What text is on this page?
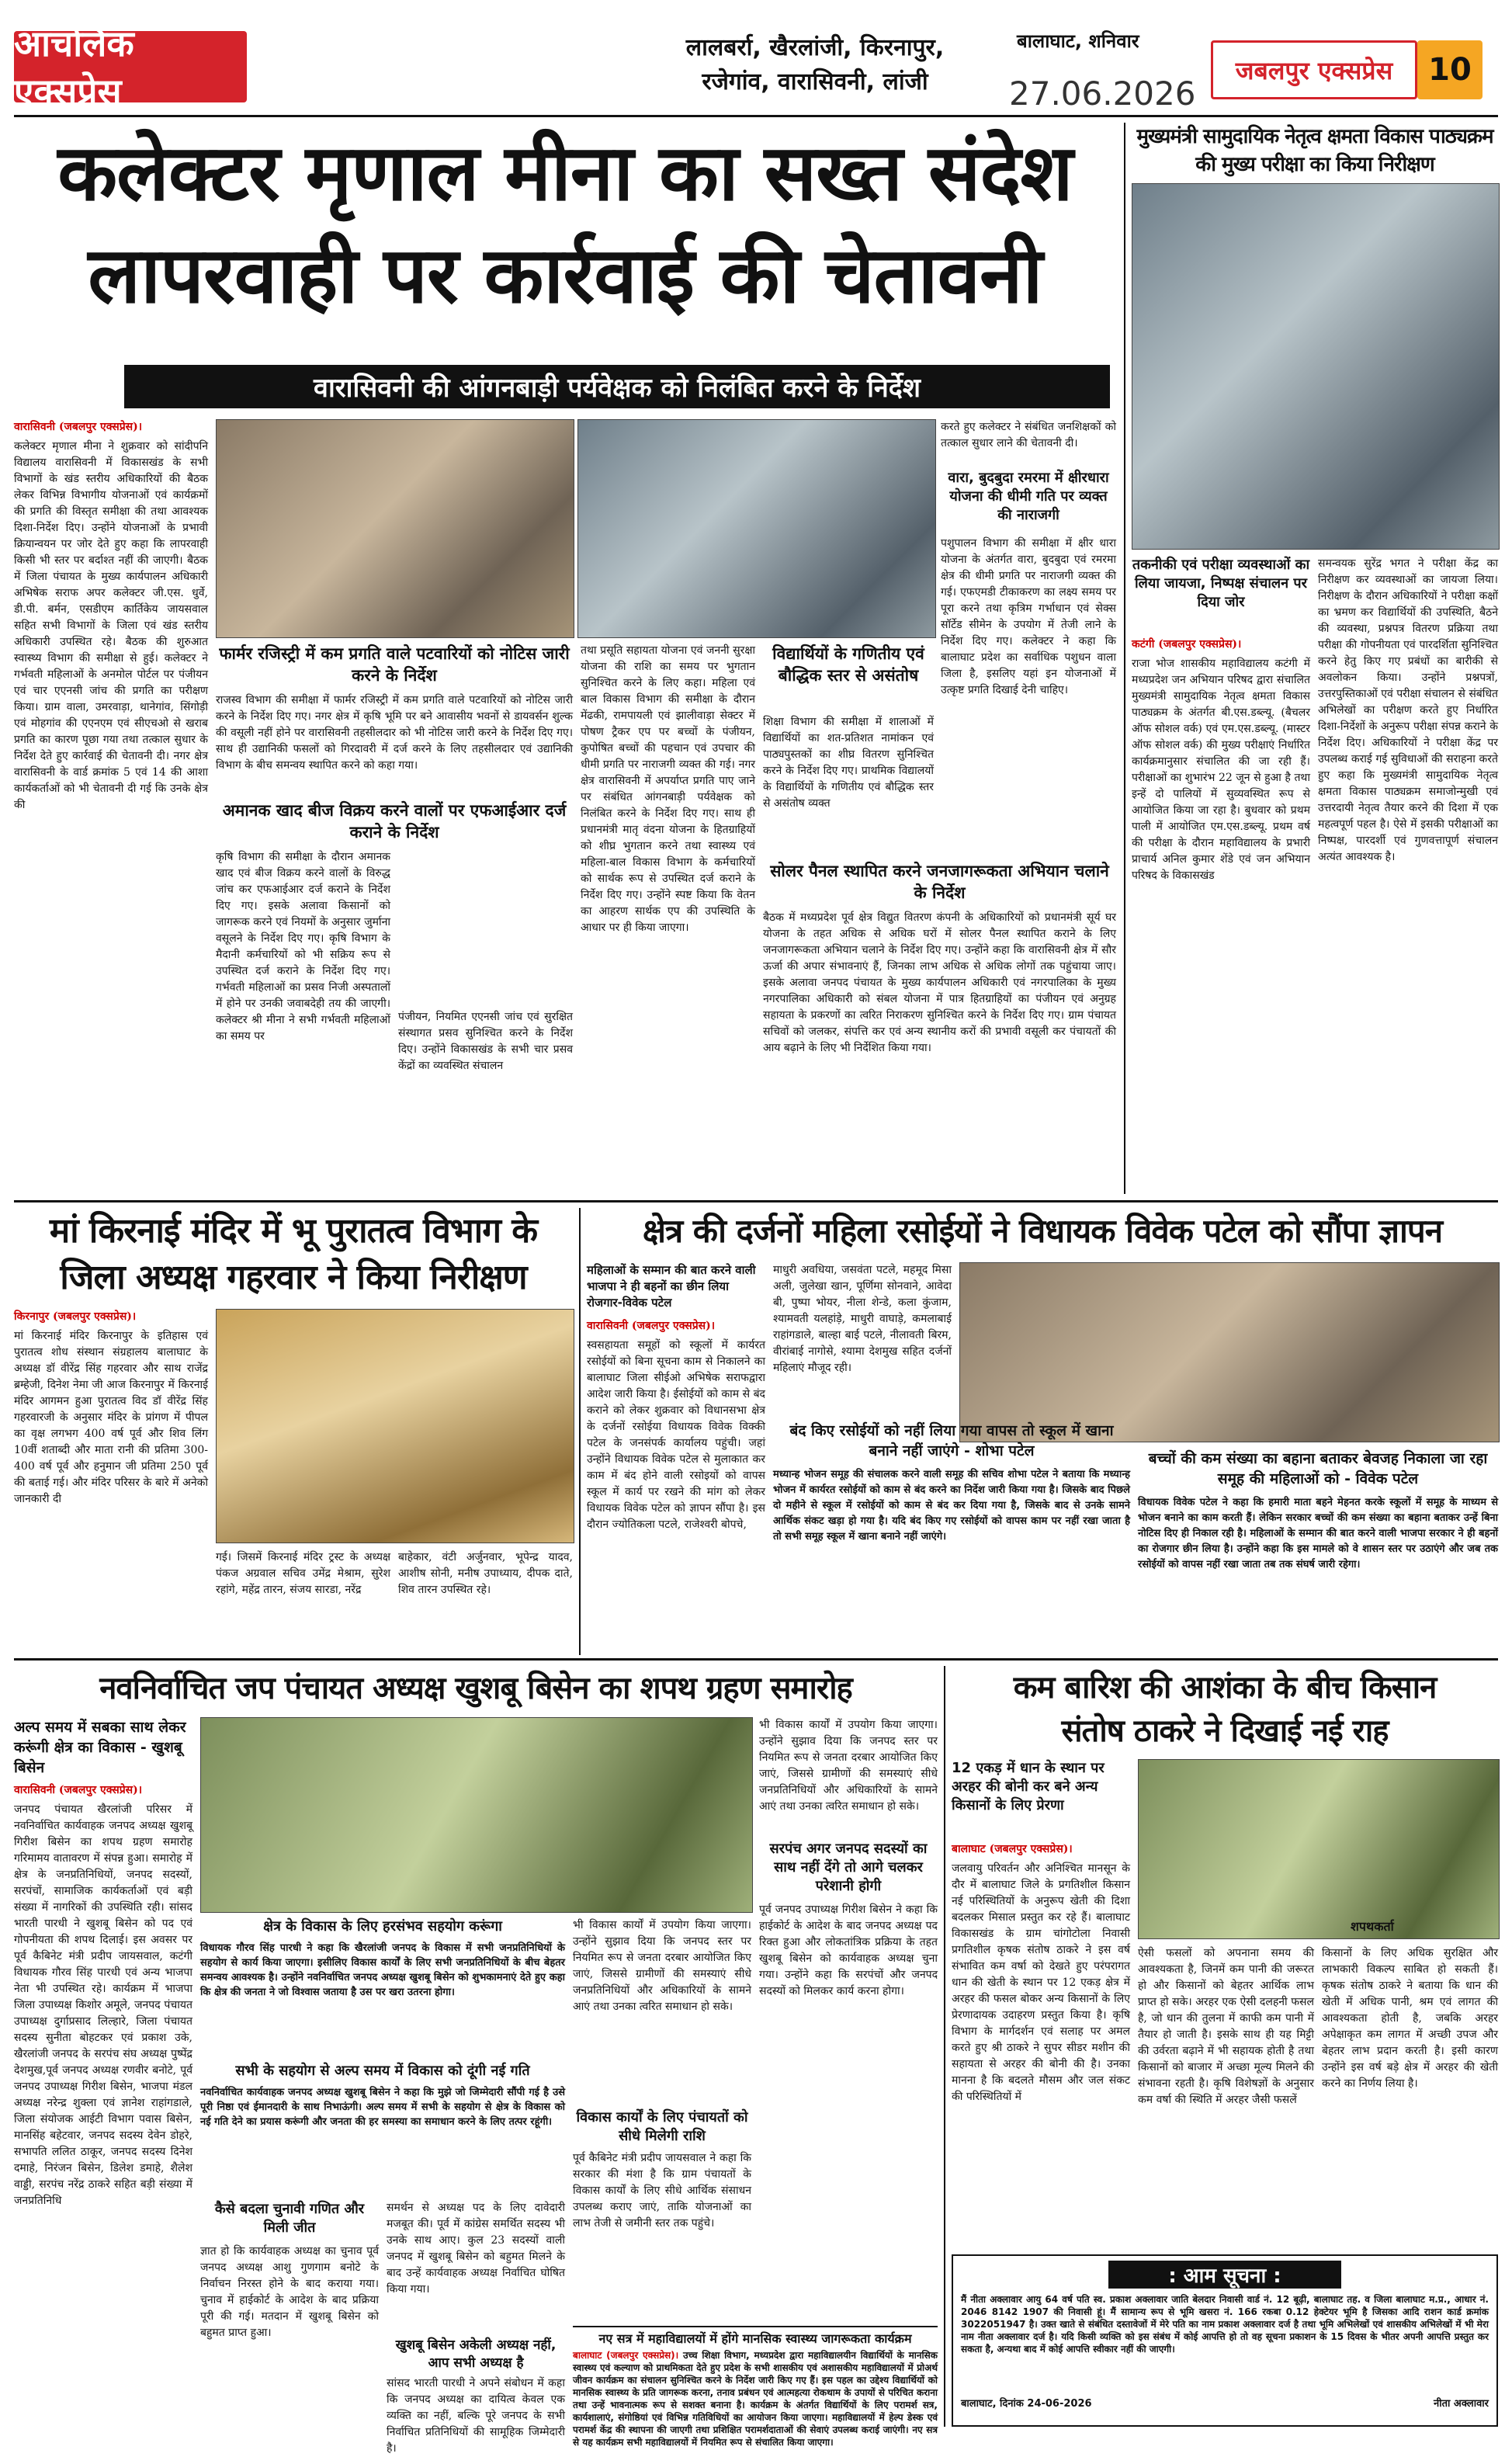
आंचलिक एक्सप्रेस
लालबर्रा, खैरलांजी, किरनापुर,
रजेगांव, वारासिवनी, लांजी
बालाघाट, शनिवार
27.06.2026
जबलपुर एक्सप्रेस	10
कलेक्टर मृणाल मीना का सख्त संदेश
लापरवाही पर कार्रवाई की चेतावनी
वारासिवनी की आंगनबाड़ी पर्यवेक्षक को निलंबित करने के निर्देश
वारासिवनी (जबलपुर एक्सप्रेस)।
कलेक्टर मृणाल मीना ने शुक्रवार को सांदीपनि विद्यालय वारासिवनी में विकासखंड के सभी विभागों के खंड स्तरीय अधिकारियों की बैठक लेकर विभिन्न विभागीय योजनाओं एवं कार्यक्रमों की प्रगति की विस्तृत समीक्षा की तथा आवश्यक दिशा-निर्देश दिए। उन्होंने योजनाओं के प्रभावी क्रियान्वयन पर जोर देते हुए कहा कि लापरवाही किसी भी स्तर पर बर्दाश्त नहीं की जाएगी। बैठक में जिला पंचायत के मुख्य कार्यपालन अधिकारी अभिषेक सराफ अपर कलेक्टर जी.एस. धुर्वे, डी.पी. बर्मन, एसडीएम कार्तिकेय जायसवाल सहित सभी विभागों के जिला एवं खंड स्तरीय अधिकारी उपस्थित रहे। बैठक की शुरुआत स्वास्थ्य विभाग की समीक्षा से हुई। कलेक्टर ने गर्भवती महिलाओं के अनमोल पोर्टल पर पंजीयन एवं चार एएनसी जांच की प्रगति का परीक्षण किया। ग्राम वाला, उमरवाड़ा, थानेगांव, सिंगोड़ी एवं मोहगांव की एएनएम एवं सीएचओ से खराब प्रगति का कारण पूछा गया तथा तत्काल सुधार के निर्देश देते हुए कार्रवाई की चेतावनी दी। नगर क्षेत्र वारासिवनी के वार्ड क्रमांक 5 एवं 14 की आशा कार्यकर्ताओं को भी चेतावनी दी गई कि उनके क्षेत्र की
फार्मर रजिस्ट्री में कम प्रगति वाले पटवारियों को नोटिस जारी करने के निर्देश
राजस्व विभाग की समीक्षा में फार्मर रजिस्ट्री में कम प्रगति वाले पटवारियों को नोटिस जारी करने के निर्देश दिए गए। नगर क्षेत्र में कृषि भूमि पर बने आवासीय भवनों से डायवर्सन शुल्क की वसूली नहीं होने पर वारासिवनी तहसीलदार को भी नोटिस जारी करने के निर्देश दिए गए। साथ ही उद्यानिकी फसलों को गिरदावरी में दर्ज करने के लिए तहसीलदार एवं उद्यानिकी विभाग के बीच समन्वय स्थापित करने को कहा गया।
अमानक खाद बीज विक्रय करने वालों पर एफआईआर दर्ज कराने के निर्देश
कृषि विभाग की समीक्षा के दौरान अमानक खाद एवं बीज विक्रय करने वालों के विरुद्ध जांच कर एफआईआर दर्ज कराने के निर्देश दिए गए। इसके अलावा किसानों को जागरूक करने एवं नियमों के अनुसार जुर्माना वसूलने के निर्देश दिए गए। कृषि विभाग के मैदानी कर्मचारियों को भी सक्रिय रूप से उपस्थित दर्ज कराने के निर्देश दिए गए। गर्भवती महिलाओं का प्रसव निजी अस्पतालों में होने पर उनकी जवाबदेही तय की जाएगी। कलेक्टर श्री मीना ने सभी गर्भवती महिलाओं का समय पर
पंजीयन, नियमित एएनसी जांच एवं सुरक्षित संस्थागत प्रसव सुनिश्चित करने के निर्देश दिए। उन्होंने विकासखंड के सभी चार प्रसव केंद्रों का व्यवस्थित संचालन
तथा प्रसूति सहायता योजना एवं जननी सुरक्षा योजना की राशि का समय पर भुगतान सुनिश्चित करने के लिए कहा। महिला एवं बाल विकास विभाग की समीक्षा के दौरान मेंढकी, रामपायली एवं झालीवाड़ा सेक्टर में पोषण ट्रैकर एप पर बच्चों के पंजीयन, कुपोषित बच्चों की पहचान एवं उपचार की धीमी प्रगति पर नाराजगी व्यक्त की गई। नगर क्षेत्र वारासिवनी में अपर्याप्त प्रगति पाए जाने पर संबंधित आंगनबाड़ी पर्यवेक्षक को निलंबित करने के निर्देश दिए गए। साथ ही प्रधानमंत्री मातृ वंदना योजना के हितग्राहियों को शीघ्र भुगतान करने तथा स्वास्थ्य एवं महिला-बाल विकास विभाग के कर्मचारियों को सार्थक रूप से उपस्थित दर्ज कराने के निर्देश दिए गए। उन्होंने स्पष्ट किया कि वेतन का आहरण सार्थक एप की उपस्थिति के आधार पर ही किया जाएगा।
विद्यार्थियों के गणितीय एवं बौद्धिक स्तर से असंतोष
शिक्षा विभाग की समीक्षा में शालाओं में विद्यार्थियों का शत-प्रतिशत नामांकन एवं पाठ्यपुस्तकों का शीघ्र वितरण सुनिश्चित करने के निर्देश दिए गए। प्राथमिक विद्यालयों के विद्यार्थियों के गणितीय एवं बौद्धिक स्तर से असंतोष व्यक्त
करते हुए कलेक्टर ने संबंधित जनशिक्षकों को तत्काल सुधार लाने की चेतावनी दी।
वारा, बुदबुदा रमरमा में क्षीरधारा योजना की धीमी गति पर व्यक्त की नाराजगी
पशुपालन विभाग की समीक्षा में क्षीर धारा योजना के अंतर्गत वारा, बुदबुदा एवं रमरमा क्षेत्र की धीमी प्रगति पर नाराजगी व्यक्त की गई। एफएमडी टीकाकरण का लक्ष्य समय पर पूरा करने तथा कृत्रिम गर्भाधान एवं सेक्स सॉर्टेड सीमेन के उपयोग में तेजी लाने के निर्देश दिए गए। कलेक्टर ने कहा कि बालाघाट प्रदेश का सर्वाधिक पशुधन वाला जिला है, इसलिए यहां इन योजनाओं में उत्कृष्ट प्रगति दिखाई देनी चाहिए।
सोलर पैनल स्थापित करने जनजागरूकता अभियान चलाने के निर्देश
बैठक में मध्यप्रदेश पूर्व क्षेत्र विद्युत वितरण कंपनी के अधिकारियों को प्रधानमंत्री सूर्य घर योजना के तहत अधिक से अधिक घरों में सोलर पैनल स्थापित कराने के लिए जनजागरूकता अभियान चलाने के निर्देश दिए गए। उन्होंने कहा कि वारासिवनी क्षेत्र में सौर ऊर्जा की अपार संभावनाएं हैं, जिनका लाभ अधिक से अधिक लोगों तक पहुंचाया जाए। इसके अलावा जनपद पंचायत के मुख्य कार्यपालन अधिकारी एवं नगरपालिका के मुख्य नगरपालिका अधिकारी को संबल योजना में पात्र हितग्राहियों का पंजीयन एवं अनुग्रह सहायता के प्रकरणों का त्वरित निराकरण सुनिश्चित करने के निर्देश दिए गए। ग्राम पंचायत सचिवों को जलकर, संपत्ति कर एवं अन्य स्थानीय करों की प्रभावी वसूली कर पंचायतों की आय बढ़ाने के लिए भी निर्देशित किया गया।
मुख्यमंत्री सामुदायिक नेतृत्व क्षमता विकास पाठ्यक्रम की मुख्य परीक्षा का किया निरीक्षण
तकनीकी एवं परीक्षा व्यवस्थाओं का लिया जायजा, निष्पक्ष संचालन पर दिया जोर
कटंगी (जबलपुर एक्सप्रेस)।
राजा भोज शासकीय महाविद्यालय कटंगी में मध्यप्रदेश जन अभियान परिषद द्वारा संचालित मुख्यमंत्री सामुदायिक नेतृत्व क्षमता विकास पाठ्यक्रम के अंतर्गत बी.एस.डब्ल्यू. (बैचलर ऑफ सोशल वर्क) एवं एम.एस.डब्ल्यू. (मास्टर ऑफ सोशल वर्क) की मुख्य परीक्षाएं निर्धारित कार्यक्रमानुसार संचालित की जा रही हैं। परीक्षाओं का शुभारंभ 22 जून से हुआ है तथा इन्हें दो पालियों में सुव्यवस्थित रूप से आयोजित किया जा रहा है। बुधवार को प्रथम पाली में आयोजित एम.एस.डब्ल्यू. प्रथम वर्ष की परीक्षा के दौरान महाविद्यालय के प्रभारी प्राचार्य अनिल कुमार शेंडे एवं जन अभियान परिषद के विकासखंड
समन्वयक सुरेंद्र भगत ने परीक्षा केंद्र का निरीक्षण कर व्यवस्थाओं का जायजा लिया। निरीक्षण के दौरान अधिकारियों ने परीक्षा कक्षों का भ्रमण कर विद्यार्थियों की उपस्थिति, बैठने की व्यवस्था, प्रश्नपत्र वितरण प्रक्रिया तथा परीक्षा की गोपनीयता एवं पारदर्शिता सुनिश्चित करने हेतु किए गए प्रबंधों का बारीकी से अवलोकन किया। उन्होंने प्रश्नपत्रों, उत्तरपुस्तिकाओं एवं परीक्षा संचालन से संबंधित अभिलेखों का परीक्षण करते हुए निर्धारित दिशा-निर्देशों के अनुरूप परीक्षा संपन्न कराने के निर्देश दिए। अधिकारियों ने परीक्षा केंद्र पर उपलब्ध कराई गई सुविधाओं की सराहना करते हुए कहा कि मुख्यमंत्री सामुदायिक नेतृत्व क्षमता विकास पाठ्यक्रम समाजोन्मुखी एवं उत्तरदायी नेतृत्व तैयार करने की दिशा में एक महत्वपूर्ण पहल है। ऐसे में इसकी परीक्षाओं का निष्पक्ष, पारदर्शी एवं गुणवत्तापूर्ण संचालन अत्यंत आवश्यक है।
मां किरनाई मंदिर में भू पुरातत्व विभाग के
जिला अध्यक्ष गहरवार ने किया निरीक्षण
किरनापुर (जबलपुर एक्सप्रेस)।
मां किरनाई मंदिर किरनापुर के इतिहास एवं पुरातत्व शोध संस्थान संग्रहालय बालाघाट के अध्यक्ष डॉ वीरेंद्र सिंह गहरवार और साथ राजेंद्र ब्रम्हेजी, दिनेश नेमा जी आज किरनापुर में किरनाई मंदिर आगमन हुआ पुरातत्व विद डॉ वीरेंद्र सिंह गहरवारजी के अनुसार मंदिर के प्रांगण में पीपल का वृक्ष लगभग 400 वर्ष पूर्व और शिव लिंग 10वीं शताब्दी और माता रानी की प्रतिमा 300-400 वर्ष पूर्व और हनुमान जी प्रतिमा 250 पूर्व की बताई गई। और मंदिर परिसर के बारे में अनेको जानकारी दी
गई। जिसमें किरनाई मंदिर ट्रस्ट के अध्यक्ष पंकज अग्रवाल सचिव उमेंद्र मेश्राम, सुरेश रहांगे, महेंद्र तारन, संजय सारडा, नरेंद्र
बाहेकार, वंटी अर्जुनवार, भूपेन्द्र यादव, आशीष सोनी, मनीष उपाध्याय, दीपक दाते, शिव तारन उपस्थित रहे।
क्षेत्र की दर्जनों महिला रसोईयों ने विधायक विवेक पटेल को सौंपा ज्ञापन
महिलाओं के सम्मान की बात करने वाली भाजपा ने ही बहनों का छीन लिया रोजगार-विवेक पटेल
वारासिवनी (जबलपुर एक्सप्रेस)।
स्वसहायता समूहों को स्कूलों में कार्यरत रसोईयों को बिना सूचना काम से निकालने का बालाघाट जिला सीईओ अभिषेक सराफद्वारा आदेश जारी किया है। ईसोईयों को काम से बंद कराने को लेकर शुक्रवार को विधानसभा क्षेत्र के दर्जनों रसोईया विधायक विवेक विक्की पटेल के जनसंपर्क कार्यालय पहुंची। जहां उन्होंने विधायक विवेक पटेल से मुलाकात कर काम में बंद होने वाली रसोइयों को वापस स्कूल में कार्य पर रखने की मांग को लेकर विधायक विवेक पटेल को ज्ञापन सौंपा है। इस दौरान ज्योतिकला पटले, राजेश्वरी बोपचे,
माधुरी अवधिया, जसवंता पटले, महमूद मिसा अली, जुलेखा खान, पूर्णिमा सोनवाने, आवेदा बी, पुष्पा भोयर, नीला शेन्डे, कला कुंजाम, श्यामवती यलहांड़े, माधुरी वाघाड़े, कमलाबाई राहांगडाले, बाल्हा बाई पटले, नीलावती बिरम, वीरांबाई नागोसे, श्यामा देशमुख सहित दर्जनों महिलाएं मौजूद रही।
बंद किए रसोईयों को नहीं लिया गया वापस तो स्कूल में खाना बनाने नहीं जाएंगे - शोभा पटेल
मध्यान्ह भोजन समूह की संचालक करने वाली समूह की सचिव शोभा पटेल ने बताया कि मध्यान्ह भोजन में कार्यरत रसोईयों को काम से बंद करने का निर्देश जारी किया गया है। जिसके बाद पिछले दो महीने से स्कूल में रसोईयों को काम से बंद कर दिया गया है, जिसके बाद से उनके सामने आर्थिक संकट खड़ा हो गया है। यदि बंद किए गए रसोईयों को वापस काम पर नहीं रखा जाता है तो सभी समूह स्कूल में खाना बनाने नहीं जाएंगे।
बच्चों की कम संख्या का बहाना बताकर बेवजह निकाला जा रहा समूह की महिलाओं को - विवेक पटेल
विधायक विवेक पटेल ने कहा कि हमारी माता बहने मेहनत करके स्कूलों में समूह के माध्यम से भोजन बनाने का काम करती हैं। लेकिन सरकार बच्चों की कम संख्या का बहाना बताकर उन्हें बिना नोटिस दिए ही निकाल रही है। महिलाओं के सम्मान की बात करने वाली भाजपा सरकार ने ही बहनों का रोजगार छीन लिया है। उन्होंने कहा कि इस मामले को वे शासन स्तर पर उठाएंगे और जब तक रसोईयों को वापस नहीं रखा जाता तब तक संघर्ष जारी रहेगा।
नवनिर्वाचित जप पंचायत अध्यक्ष खुशबू बिसेन का शपथ ग्रहण समारोह
अल्प समय में सबका साथ लेकर करूंगी क्षेत्र का विकास - खुशबू बिसेन
वारासिवनी (जबलपुर एक्सप्रेस)।
जनपद पंचायत खैरलांजी परिसर में नवनिर्वाचित कार्यवाहक जनपद अध्यक्ष खुशबू गिरीश बिसेन का शपथ ग्रहण समारोह गरिमामय वातावरण में संपन्न हुआ। समारोह में क्षेत्र के जनप्रतिनिधियों, जनपद सदस्यों, सरपंचों, सामाजिक कार्यकर्ताओं एवं बड़ी संख्या में नागरिकों की उपस्थिति रही। सांसद भारती पारधी ने खुशबू बिसेन को पद एवं गोपनीयता की शपथ दिलाई। इस अवसर पर पूर्व कैबिनेट मंत्री प्रदीप जायसवाल, कटंगी विधायक गौरव सिंह पारधी एवं अन्य भाजपा नेता भी उपस्थित रहे। कार्यक्रम में भाजपा जिला उपाध्यक्ष किशोर अमूले, जनपद पंचायत उपाध्यक्ष दुर्गाप्रसाद लिल्हारे, जिला पंचायत सदस्य सुनीता बोहटकर एवं प्रकाश उके, खैरलांजी जनपद के सरपंच संघ अध्यक्ष पुष्पेंद्र देशमुख,पूर्व जनपद अध्यक्ष रणवीर बनोटे, पूर्व जनपद उपाध्यक्ष गिरीश बिसेन, भाजपा मंडल अध्यक्ष नरेन्द्र शुक्ला एवं ज्ञानेश राहांगडाले, जिला संयोजक आईटी विभाग पवास बिसेन, मानसिंह बहेटवार, जनपद सदस्य देवेन डोहरे, सभापति ललित ठाकूर, जनपद सदस्य दिनेश दमाहे, निरंजन बिसेन, डिलेश डमाहे, शैलेश वाड्डी, सरपंच नरेंद्र ठाकरे सहित बड़ी संख्या में जनप्रतिनिधि
क्षेत्र के विकास के लिए हरसंभव सहयोग करूंगा
विधायक गौरव सिंह पारधी ने कहा कि खैरलांजी जनपद के विकास में सभी जनप्रतिनिधियों के सहयोग से कार्य किया जाएगा। इसीलिए विकास कार्यों के लिए सभी जनप्रतिनिधियों के बीच बेहतर समन्वय आवश्यक है। उन्होंने नवनिर्वाचित जनपद अध्यक्ष खुशबू बिसेन को शुभकामनाएं देते हुए कहा कि क्षेत्र की जनता ने जो विश्वास जताया है उस पर खरा उतरना होगा।
सभी के सहयोग से अल्प समय में विकास को दूंगी नई गति
नवनिर्वाचित कार्यवाहक जनपद अध्यक्ष खुशबू बिसेन ने कहा कि मुझे जो जिम्मेदारी सौंपी गई है उसे पूरी निष्ठा एवं ईमानदारी के साथ निभाऊंगी। अल्प समय में सभी के सहयोग से क्षेत्र के विकास को नई गति देने का प्रयास करूंगी और जनता की हर समस्या का समाधान करने के लिए तत्पर रहूंगी।
कैसे बदला चुनावी गणित और मिली जीत
ज्ञात हो कि कार्यवाहक अध्यक्ष का चुनाव पूर्व जनपद अध्यक्ष आशु गुणगाम बनोटे के निर्वाचन निरस्त होने के बाद कराया गया। चुनाव में हाईकोर्ट के आदेश के बाद प्रक्रिया पूरी की गई। मतदान में खुशबू बिसेन को बहुमत प्राप्त हुआ।
समर्थन से अध्यक्ष पद के लिए दावेदारी मजबूत की। पूर्व में कांग्रेस समर्थित सदस्य भी उनके साथ आए। कुल 23 सदस्यों वाली जनपद में खुशबू बिसेन को बहुमत मिलने के बाद उन्हें कार्यवाहक अध्यक्ष निर्वाचित घोषित किया गया।
खुशबू बिसेन अकेली अध्यक्ष नहीं, आप सभी अध्यक्ष है
सांसद भारती पारधी ने अपने संबोधन में कहा कि जनपद अध्यक्ष का दायित्व केवल एक व्यक्ति का नहीं, बल्कि पूरे जनपद के सभी निर्वाचित प्रतिनिधियों की सामूहिक जिम्मेदारी है।
भी विकास कार्यों में उपयोग किया जाएगा। उन्होंने सुझाव दिया कि जनपद स्तर पर नियमित रूप से जनता दरबार आयोजित किए जाएं, जिससे ग्रामीणों की समस्याएं सीधे जनप्रतिनिधियों और अधिकारियों के सामने आएं तथा उनका त्वरित समाधान हो सके।
भी विकास कार्यों में उपयोग किया जाएगा। उन्होंने सुझाव दिया कि जनपद स्तर पर नियमित रूप से जनता दरबार आयोजित किए जाएं, जिससे ग्रामीणों की समस्याएं सीधे जनप्रतिनिधियों और अधिकारियों के सामने आएं तथा उनका त्वरित समाधान हो सके।
सरपंच अगर जनपद सदस्यों का साथ नहीं देंगे तो आगे चलकर परेशानी होगी
पूर्व जनपद उपाध्यक्ष गिरीश बिसेन ने कहा कि हाईकोर्ट के आदेश के बाद जनपद अध्यक्ष पद रिक्त हुआ और लोकतांत्रिक प्रक्रिया के तहत खुशबू बिसेन को कार्यवाहक अध्यक्ष चुना गया। उन्होंने कहा कि सरपंचों और जनपद सदस्यों को मिलकर कार्य करना होगा।
विकास कार्यों के लिए पंचायतों को सीधे मिलेगी राशि
पूर्व कैबिनेट मंत्री प्रदीप जायसवाल ने कहा कि सरकार की मंशा है कि ग्राम पंचायतों के विकास कार्यों के लिए सीधे आर्थिक संसाधन उपलब्ध कराए जाएं, ताकि योजनाओं का लाभ तेजी से जमीनी स्तर तक पहुंचे।
कम बारिश की आशंका के बीच किसान
संतोष ठाकरे ने दिखाई नई राह
12 एकड़ में धान के स्थान पर अरहर की बोनी कर बने अन्य किसानों के लिए प्रेरणा
बालाघाट (जबलपुर एक्सप्रेस)।
जलवायु परिवर्तन और अनिश्चित मानसून के दौर में बालाघाट जिले के प्रगतिशील किसान नई परिस्थितियों के अनुरूप खेती की दिशा बदलकर मिसाल प्रस्तुत कर रहे हैं। बालाघाट विकासखंड के ग्राम चांगोटोला निवासी प्रगतिशील कृषक संतोष ठाकरे ने इस वर्ष संभावित कम वर्षा को देखते हुए परंपरागत धान की खेती के स्थान पर 12 एकड़ क्षेत्र में अरहर की फसल बोकर अन्य किसानों के लिए प्रेरणादायक उदाहरण प्रस्तुत किया है। कृषि विभाग के मार्गदर्शन एवं सलाह पर अमल करते हुए श्री ठाकरे ने सुपर सीडर मशीन की सहायता से अरहर की बोनी की है। उनका मानना है कि बदलते मौसम और जल संकट की परिस्थितियों में
शपथकर्ता
ऐसी फसलों को अपनाना समय की आवश्यकता है, जिनमें कम पानी की जरूरत हो और किसानों को बेहतर आर्थिक लाभ प्राप्त हो सके। अरहर एक ऐसी दलहनी फसल है, जो धान की तुलना में काफी कम पानी में तैयार हो जाती है। इसके साथ ही यह मिट्टी की उर्वरता बढ़ाने में भी सहायक होती है तथा किसानों को बाजार में अच्छा मूल्य मिलने की संभावना रहती है। कृषि विशेषज्ञों के अनुसार कम वर्षा की स्थिति में अरहर जैसी फसलें
किसानों के लिए अधिक सुरक्षित और लाभकारी विकल्प साबित हो सकती हैं। कृषक संतोष ठाकरे ने बताया कि धान की खेती में अधिक पानी, श्रम एवं लागत की आवश्यकता होती है, जबकि अरहर अपेक्षाकृत कम लागत में अच्छी उपज और बेहतर लाभ प्रदान करती है। इसी कारण उन्होंने इस वर्ष बड़े क्षेत्र में अरहर की खेती करने का निर्णय लिया है।
नए सत्र में महाविद्यालयों में होंगे मानसिक स्वास्थ्य जागरूकता कार्यक्रम
बालाघाट (जबलपुर एक्सप्रेस)। उच्च शिक्षा विभाग, मध्यप्रदेश द्वारा महाविद्यालयीन विद्यार्थियों के मानसिक स्वास्थ्य एवं कल्याण को प्राथमिकता देते हुए प्रदेश के सभी शासकीय एवं अशासकीय महाविद्यालयों में प्रोअर्थ जीवन कार्यक्रम का संचालन सुनिश्चित करने के निर्देश जारी किए गए हैं। इस पहल का उद्देश्य विद्यार्थियों को मानसिक स्वास्थ्य के प्रति जागरूक करना, तनाव प्रबंधन एवं आत्महत्या रोकथाम के उपायों से परिचित कराना तथा उन्हें भावनात्मक रूप से सशक्त बनाना है। कार्यक्रम के अंतर्गत विद्यार्थियों के लिए परामर्श सत्र, कार्यशालाएं, संगोष्ठियां एवं विभिन्न गतिविधियों का आयोजन किया जाएगा। महाविद्यालयों में हेल्प डेस्क एवं परामर्श केंद्र की स्थापना की जाएगी तथा प्रशिक्षित परामर्शदाताओं की सेवाएं उपलब्ध कराई जाएंगी। नए सत्र से यह कार्यक्रम सभी महाविद्यालयों में नियमित रूप से संचालित किया जाएगा।
: आम सूचना :
मैं नीता अक्लावार आयु 64 वर्ष पति स्व. प्रकाश अक्लावार जाति बेलदार निवासी वार्ड नं. 12 बूढ़ी, बालाघाट तह. व जिला बालाघाट म.प्र., आधार नं. 2046 8142 1907 की निवासी हूं। मैं सामान्य रूप से भूमि खसरा नं. 166 रकबा 0.12 हेक्टेयर भूमि है जिसका आदि राशन कार्ड क्रमांक 3022051947 है। उक्त खाते से संबंधित दस्तावेजों में मेरे पति का नाम प्रकाश अक्लावार दर्ज है तथा भूमि अभिलेखों एवं शासकीय अभिलेखों में भी मेरा नाम नीता अक्लावार दर्ज है। यदि किसी व्यक्ति को इस संबंध में कोई आपत्ति हो तो वह सूचना प्रकाशन के 15 दिवस के भीतर अपनी आपत्ति प्रस्तुत कर सकता है, अन्यथा बाद में कोई आपत्ति स्वीकार नहीं की जाएगी।
बालाघाट, दिनांक 24-06-2026	नीता अक्लावार
